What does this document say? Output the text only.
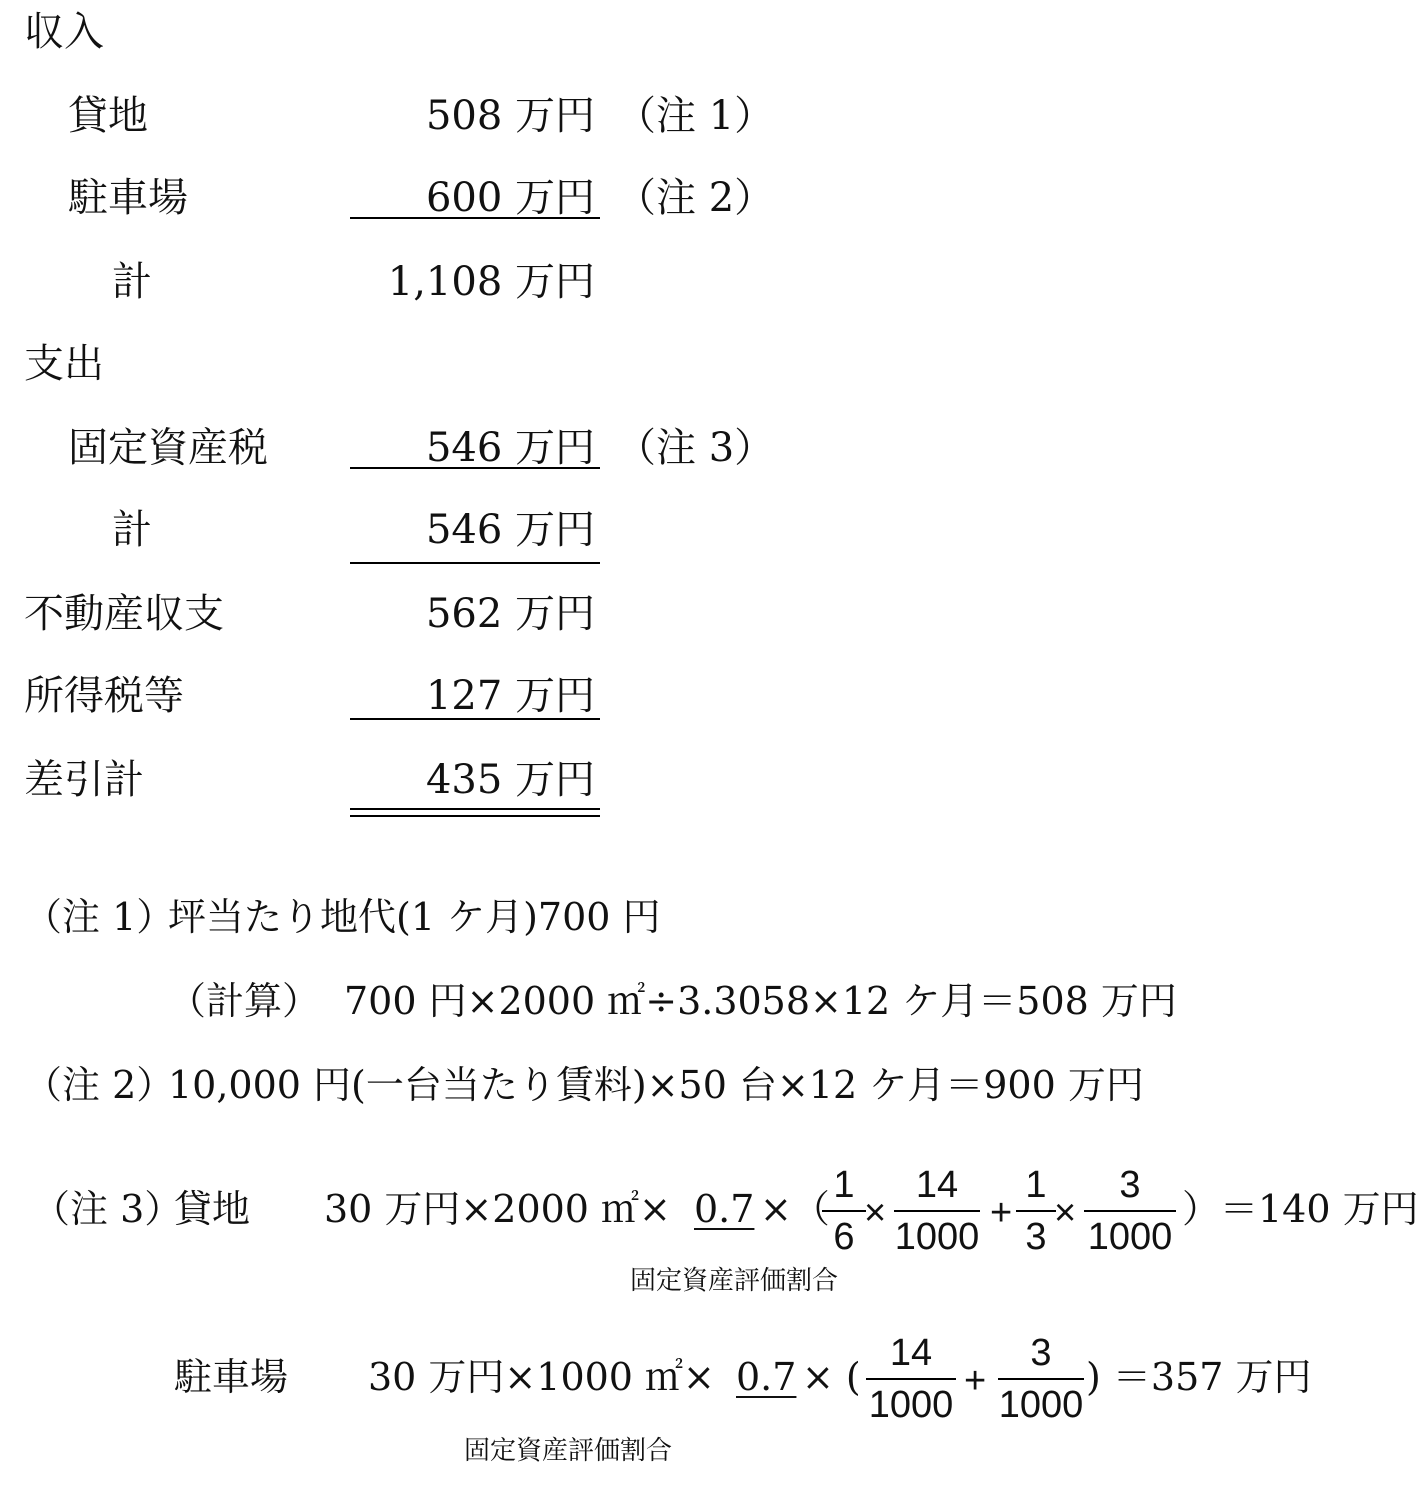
収入
貸地	508 万円 （注 1）
駐車場	600 万円 （注 2）
計	1,108 万円
支出
固定資産税	546 万円 （注 3）
計	546 万円
不動産収支	562 万円
所得税等	127 万円
差引計	435 万円
（注 1）
坪当たり地代(1 ケ月)700 円
（計算） 700 円×2000 ㎡÷3.3058×12 ケ月＝508 万円
（注 2）
10,000 円(一台当たり賃料)×50 台×12 ケ月＝900 万円
（注 3）
貸地 30 万円×2000 ㎡× 0.7 ×（
1
6
×
14
1000
+
1
3
×
3
1000
）＝140 万円
固定資産評価割合
駐車場 30 万円×1000 ㎡× 0.7 × (
14
1000
+
3
1000
) ＝357 万円
固定資産評価割合
